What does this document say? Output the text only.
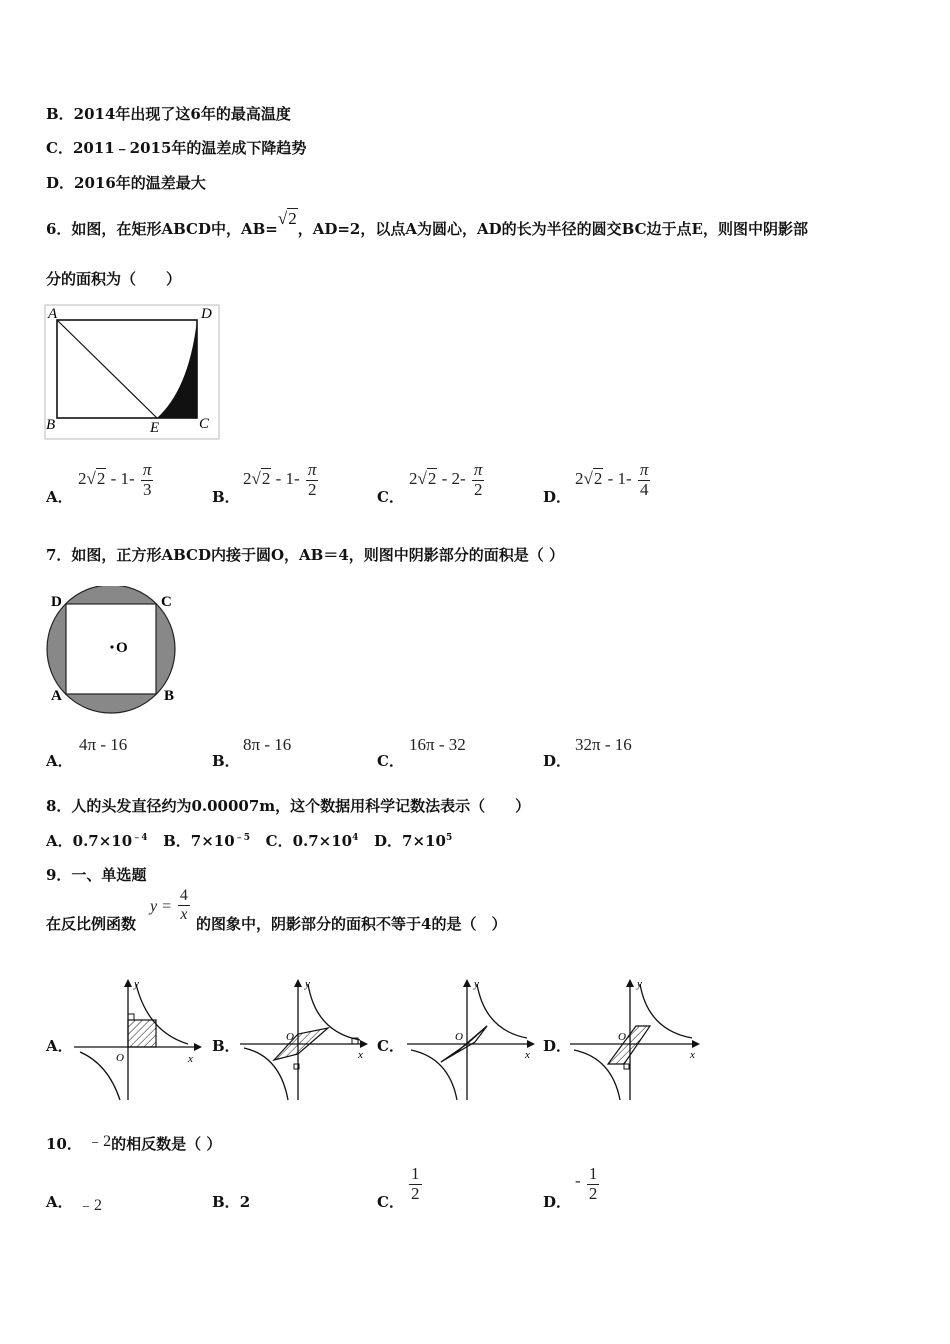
B．2014年出现了这6年的最高温度
C．2011﹣2015年的温差成下降趋势
D．2016年的温差最大
6．如图，在矩形ABCD中，AB=√2，AD=2，以点A为圆心，AD的长为半径的圆交BC边于点E，则图中阴影部
分的面积为（　　）
A	D
B	E	C
A．
$2√2 - 1- \frac{\pi}{3}$	B．
$2√2 - 1- \frac{\pi}{2}$	C．
$2√2 - 2- \frac{\pi}{2}$	D．
$2√2 - 1- \frac{\pi}{4}$
7．如图，正方形ABCD内接于圆O，AB＝4，则图中阴影部分的面积是（ ）
O
D	C
A	B
A．
4π - 16
B．
8π - 16
C．
16π - 32
D．
32π - 16
8．人的头发直径约为0.00007m，这个数据用科学记数法表示（　　）
A．$0.7\times 10^{﹣4}$ B．$7\times 10^{﹣5}$ C．$0.7\times 10^4$ D．$7\times 10^5$
9．一、单选题
在反比例函数
$y = \frac{4}{x}$
的图象中，阴影部分的面积不等于4的是（　）
A．
y
x
O
B．
y
x
O	C．
y
x
O	D．
y
x
O
10． ﹣2的相反数是（ ）
A． ﹣2	B．2	C． $\frac{1}{2}$	D．
- $\frac{1}{2}$
